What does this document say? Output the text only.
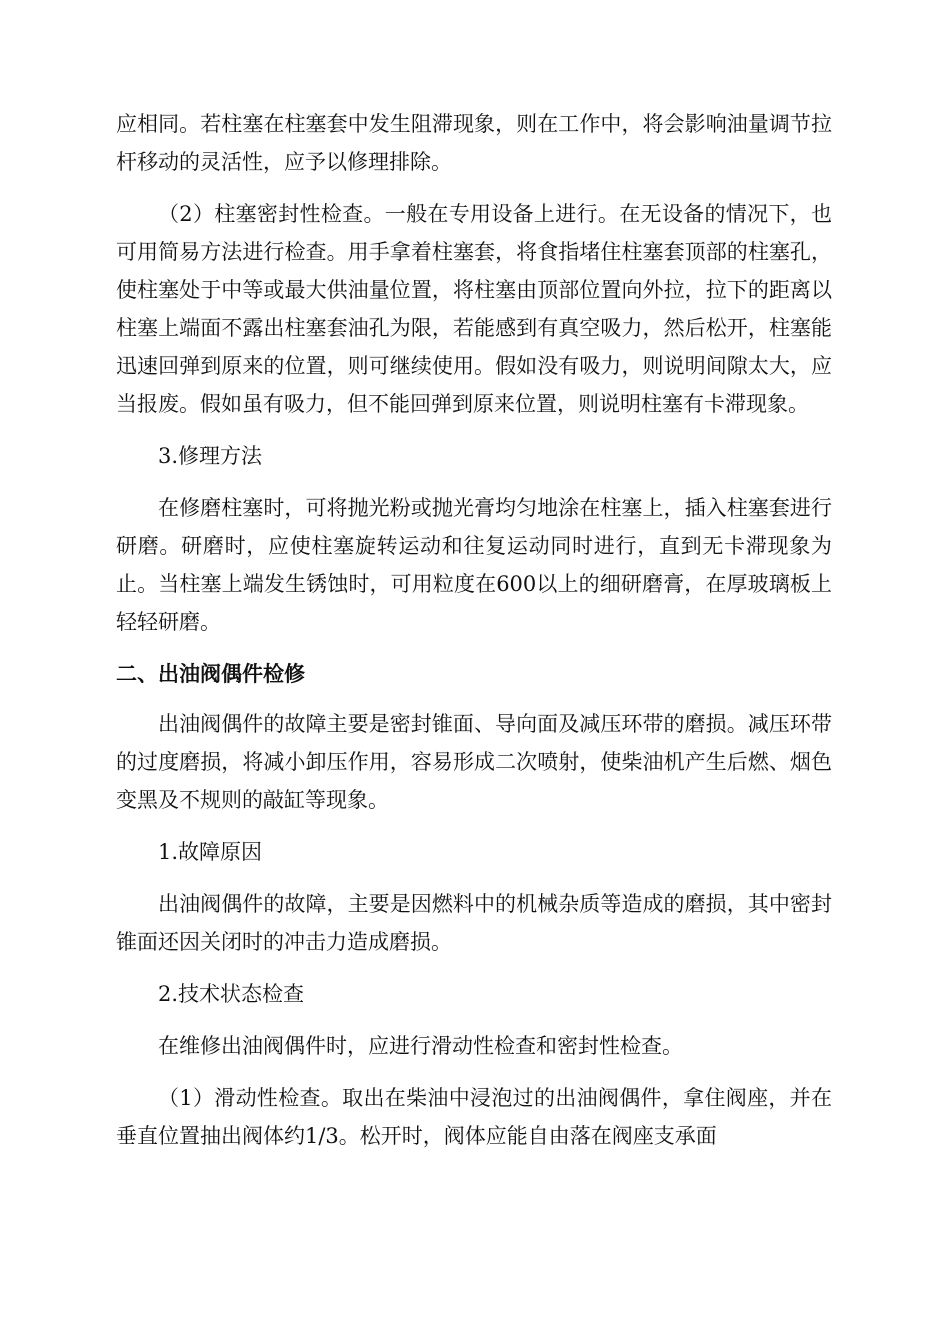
应相同。若柱塞在柱塞套中发生阻滞现象，则在工作中，将会影响油量调节拉杆移动的灵活性，应予以修理排除。

（2）柱塞密封性检查。一般在专用设备上进行。在无设备的情况下，也可用简易方法进行检查。用手拿着柱塞套，将食指堵住柱塞套顶部的柱塞孔，使柱塞处于中等或最大供油量位置，将柱塞由顶部位置向外拉，拉下的距离以柱塞上端面不露出柱塞套油孔为限，若能感到有真空吸力，然后松开，柱塞能迅速回弹到原来的位置，则可继续使用。假如没有吸力，则说明间隙太大，应当报废。假如虽有吸力，但不能回弹到原来位置，则说明柱塞有卡滞现象。

3.修理方法

在修磨柱塞时，可将抛光粉或抛光膏均匀地涂在柱塞上，插入柱塞套进行研磨。研磨时，应使柱塞旋转运动和往复运动同时进行，直到无卡滞现象为止。当柱塞上端发生锈蚀时，可用粒度在600以上的细研磨膏，在厚玻璃板上轻轻研磨。

二、出油阀偶件检修

出油阀偶件的故障主要是密封锥面、导向面及减压环带的磨损。减压环带的过度磨损，将减小卸压作用，容易形成二次喷射，使柴油机产生后燃、烟色变黑及不规则的敲缸等现象。

1.故障原因

出油阀偶件的故障，主要是因燃料中的机械杂质等造成的磨损，其中密封锥面还因关闭时的冲击力造成磨损。

2.技术状态检查

在维修出油阀偶件时，应进行滑动性检查和密封性检查。

（1）滑动性检查。取出在柴油中浸泡过的出油阀偶件，拿住阀座，并在垂直位置抽出阀体约1/3。松开时，阀体应能自由落在阀座支承面
